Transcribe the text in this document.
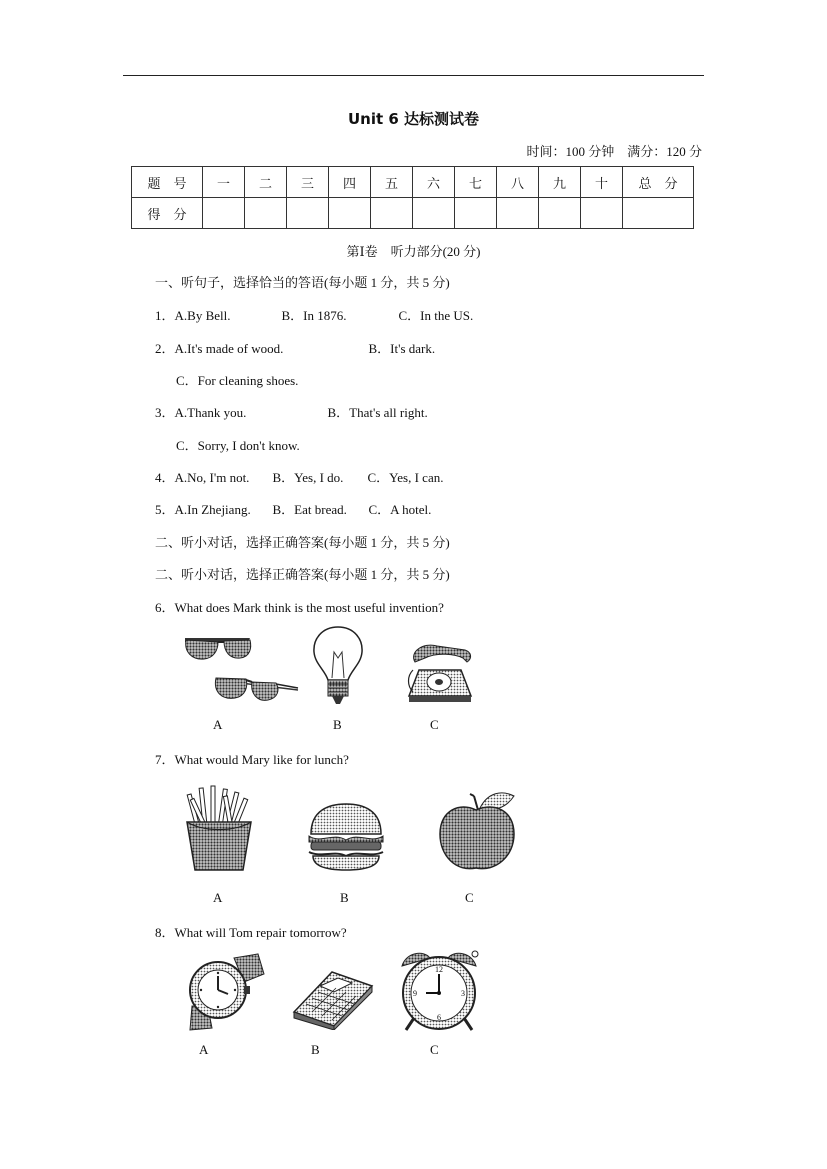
Unit 6 达标测试卷
时间：100 分钟　满分：120 分
题　号	一	二	三	四	五	六	七	八	九	十	总　分
得　分											
第Ⅰ卷　听力部分(20 分)
一、听句子，选择恰当的答语(每小题 1 分，共 5 分)
1．A.By Bell.	B．In 1876.	C．In the US.
2．A.It's made of wood.	B．It's dark.
C．For cleaning shoes.
3．A.Thank you.	B．That's all right.
C．Sorry, I don't know.
4．A.No, I'm not. B．Yes, I do. C．Yes, I can.
5．A.In Zhejiang. B．Eat bread. C．A hotel.
二、听小对话，选择正确答案(每小题 1 分，共 5 分)
二、听小对话，选择正确答案(每小题 1 分，共 5 分)
6．What does Mark think is the most useful invention?
A	B	C
7．What would Mary like for lunch?
A	B	C
8．What will Tom repair tomorrow?
12
3
6
9
A	B	C
